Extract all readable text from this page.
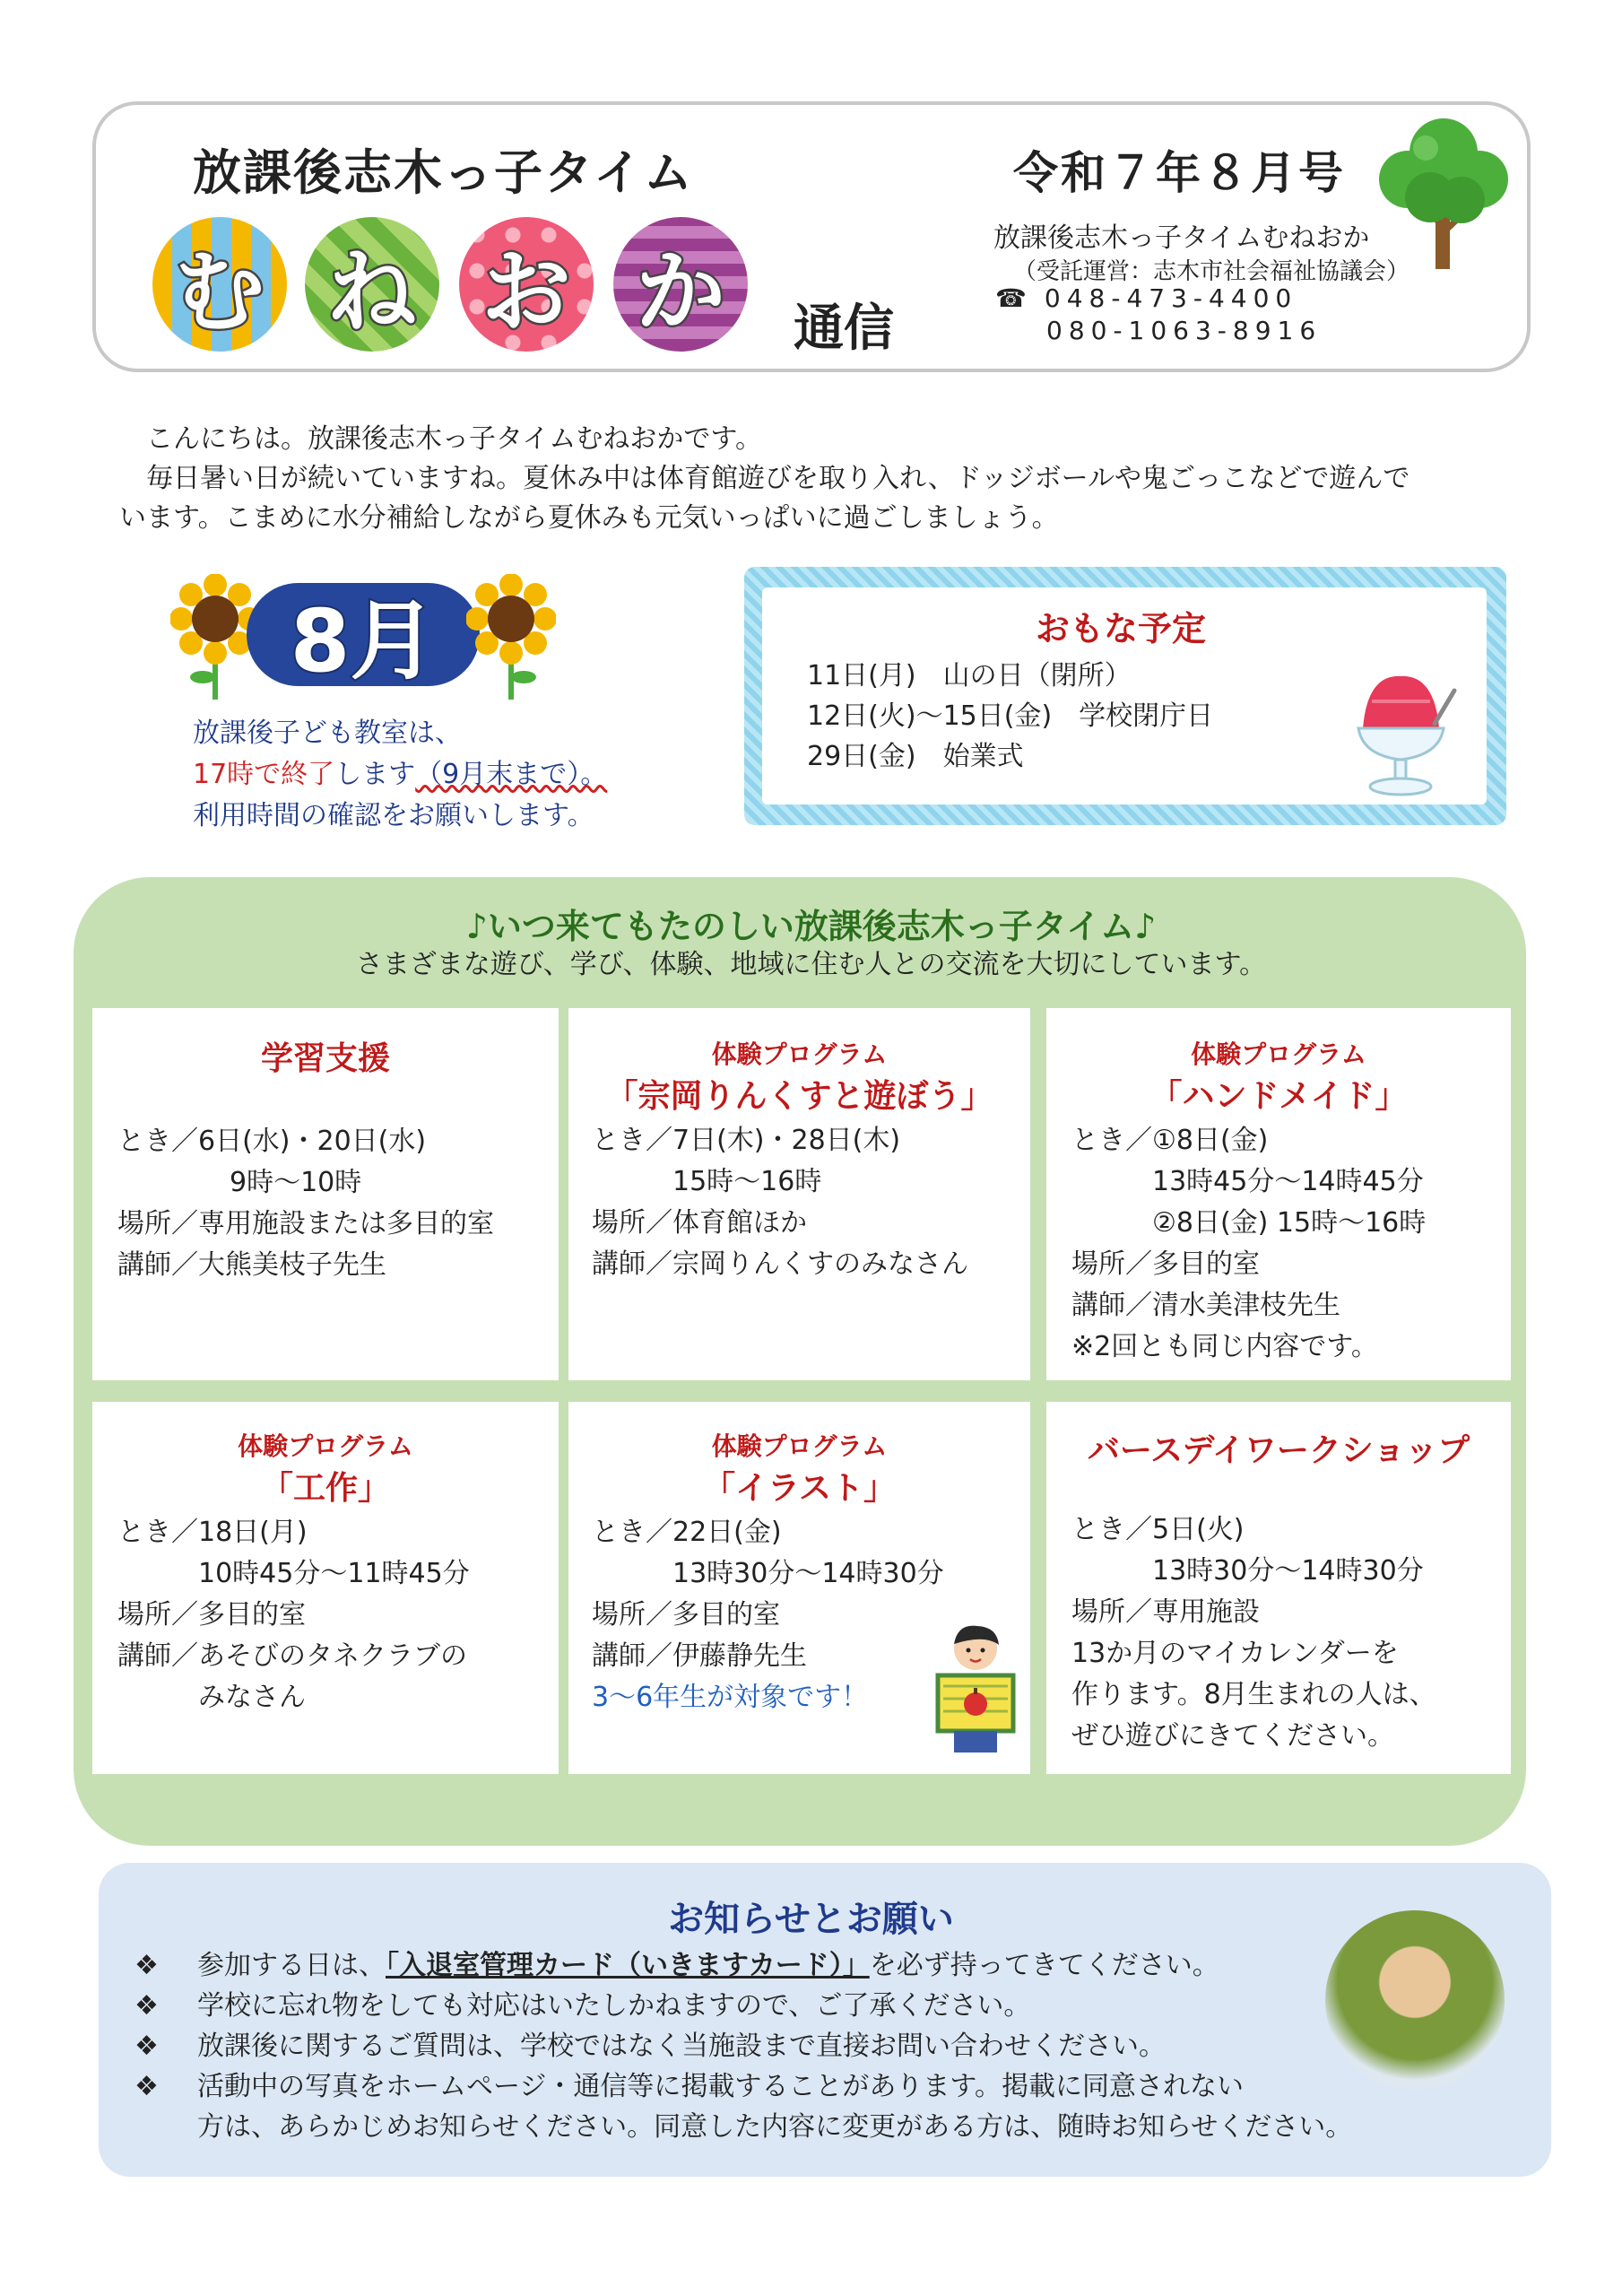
放課後志木っ子タイム
む ね お か	通信
令和７年８月号
放課後志木っ子タイムむねおか
（受託運営：志木市社会福祉協議会）
☎ 048-473-4400
080-1063-8916

こんにちは。放課後志木っ子タイムむねおかです。

毎日暑い日が続いていますね。夏休み中は体育館遊びを取り入れ、ドッジボールや鬼ごっこなどで遊んで

います。こまめに水分補給しながら夏休みも元気いっぱいに過ごしましょう。

8月
放課後子ども教室は、
17時で終了します（9月末まで）。
利用時間の確認をお願いします。
おもな予定
11日(月)　山の日（閉所）
12日(火)～15日(金)　学校閉庁日
29日(金)　始業式
♪いつ来てもたのしい放課後志木っ子タイム♪
さまざまな遊び、学び、体験、地域に住む人との交流を大切にしています。
学習支援
とき／6日(水)・20日(水)
　　9時～10時
場所／専用施設または多目的室
講師／大熊美枝子先生
体験プログラム
「宗岡りんくすと遊ぼう」
とき／7日(木)・28日(木)
　　　15時～16時
場所／体育館ほか
講師／宗岡りんくすのみなさん
体験プログラム
「ハンドメイド」
とき／①8日(金)
　　　13時45分～14時45分
　　　②8日(金) 15時～16時
場所／多目的室
講師／清水美津枝先生
※2回とも同じ内容です。
体験プログラム
「工作」
とき／18日(月)
　　　10時45分～11時45分
場所／多目的室
講師／あそびのタネクラブの
　　　みなさん
体験プログラム
「イラスト」
とき／22日(金)
　　　13時30分～14時30分
場所／多目的室
講師／伊藤静先生
3～6年生が対象です！
バースデイワークショップ
とき／5日(火)
　　　13時30分～14時30分
場所／専用施設
13か月のマイカレンダーを
作ります。8月生まれの人は、
ぜひ遊びにきてください。
お知らせとお願い
❖ 参加する日は、「入退室管理カード（いきますカード）」を必ず持ってきてください。
❖ 学校に忘れ物をしても対応はいたしかねますので、ご了承ください。
❖ 放課後に関するご質問は、学校ではなく当施設まで直接お問い合わせください。
❖ 活動中の写真をホームページ・通信等に掲載することがあります。掲載に同意されない
方は、あらかじめお知らせください。同意した内容に変更がある方は、随時お知らせください。
